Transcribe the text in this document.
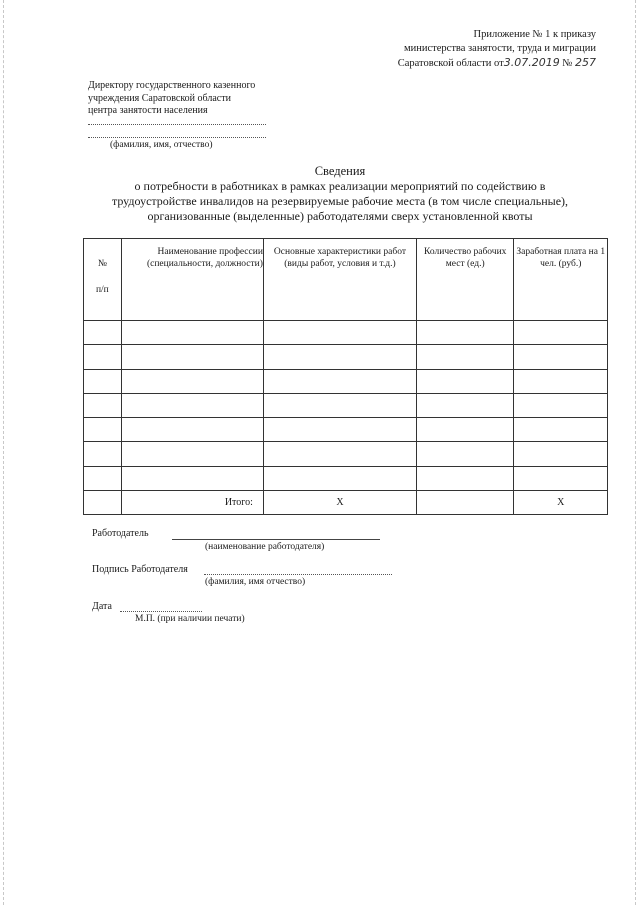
Приложение № 1 к приказу
министерства занятости, труда и миграции
Саратовской области от3.07.2019 № 257
Директору государственного казенного
учреждения Саратовской области
центра занятости населения
(фамилия, имя, отчество)
Сведения
о потребности в работниках в рамках реализации мероприятий по содействию в
трудоустройстве инвалидов на резервируемые рабочие места (в том числе специальные),
организованные (выделенные) работодателями сверх установленной квоты
№
п/п	Наименование профессии (специальности, должности)	Основные характеристики работ (виды работ, условия и т.д.)	Количество рабочих мест (ед.)	Заработная плата на 1 чел. (руб.)

	Итого:	X		X
Работодатель
(наименование работодателя)
Подпись Работодателя
(фамилия, имя отчество)
Дата
М.П. (при наличии печати)
